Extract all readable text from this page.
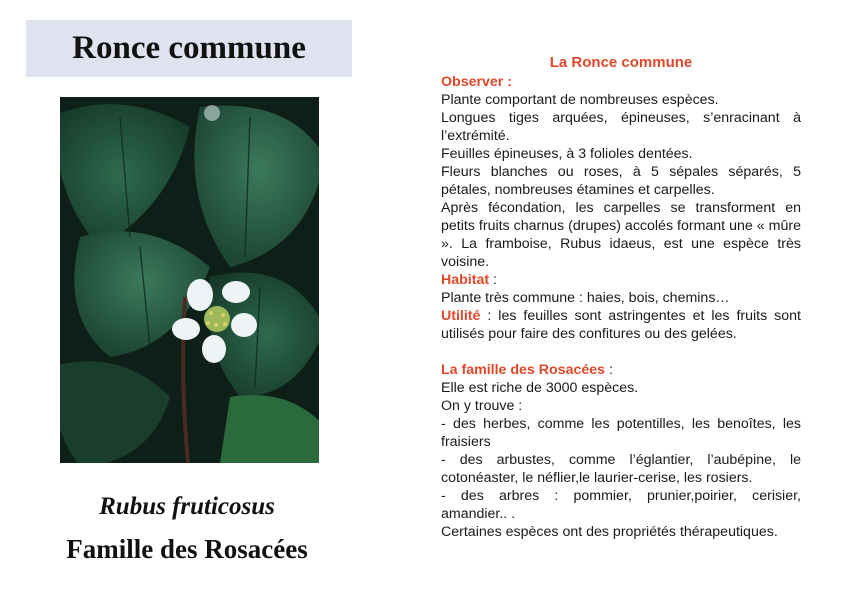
Ronce commune
Rubus fruticosus
Famille des Rosacées
La Ronce commune
Observer :

Plante comportant de nombreuses espèces.

Longues tiges arquées, épineuses, s’enracinant à l’extrémité.

Feuilles épineuses, à 3 folioles dentées.

Fleurs blanches ou roses, à 5 sépales séparés, 5 pétales, nombreuses étamines et carpelles.

Après fécondation, les carpelles se transforment en petits fruits charnus (drupes) accolés formant une « mûre ». La framboise, Rubus idaeus, est une espèce très voisine.

Habitat :

Plante très commune : haies, bois, chemins…

Utilité : les feuilles sont astringentes et les fruits sont utilisés pour faire des confitures ou des gelées.

La famille des Rosacées :

Elle est riche de 3000 espèces.

On y trouve :

- des herbes, comme les potentilles, les benoîtes, les fraisiers

- des arbustes, comme l’églantier, l’aubépine, le cotonéaster, le néflier,le laurier-cerise, les rosiers.

- des arbres : pommier, prunier,poirier, cerisier, amandier.. .

Certaines espèces ont des propriétés thérapeutiques.
